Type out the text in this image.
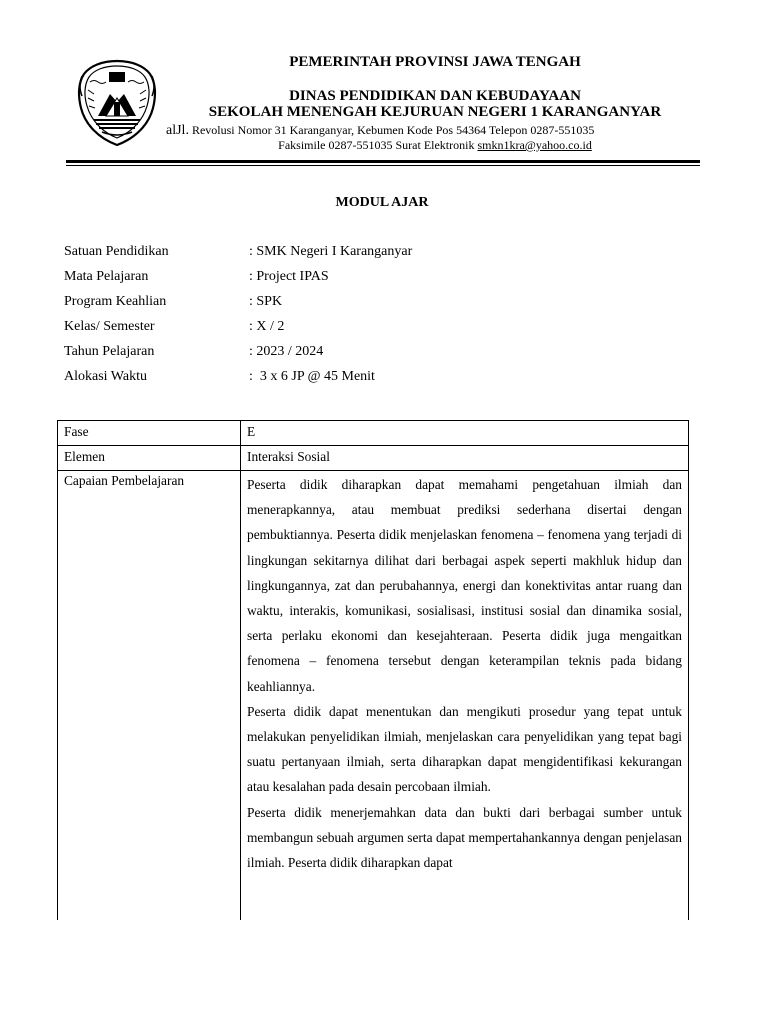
PEMERINTAH PROVINSI JAWA TENGAH
DINAS PENDIDIKAN DAN KEBUDAYAAN
SEKOLAH MENENGAH KEJURUAN NEGERI 1 KARANGANYAR
alJl. Revolusi Nomor 31 Karanganyar, Kebumen Kode Pos 54364 Telepon 0287-551035
Faksimile 0287-551035 Surat Elektronik smkn1kra@yahoo.co.id
MODUL AJAR
Satuan Pendidikan	: SMK Negeri I Karanganyar
Mata Pelajaran	: Project IPAS
Program Keahlian	: SPK
Kelas/ Semester	: X / 2
Tahun Pelajaran	: 2023 / 2024
Alokasi Waktu	:  3 x 6 JP @ 45 Menit
Fase	E
Elemen	Interaksi Sosial
Capaian Pembelajaran	Peserta didik diharapkan dapat memahami pengetahuan ilmiah dan menerapkannya, atau membuat prediksi sederhana disertai dengan pembuktiannya. Peserta didik menjelaskan fenomena – fenomena yang terjadi di lingkungan sekitarnya dilihat dari berbagai aspek seperti makhluk hidup dan lingkungannya, zat dan perubahannya, energi dan konektivitas antar ruang dan waktu, interakis, komunikasi, sosialisasi, institusi sosial dan dinamika sosial, serta perlaku ekonomi dan kesejahteraan. Peserta didik juga mengaitkan fenomena – fenomena tersebut dengan keterampilan teknis pada bidang keahliannya.
Peserta didik dapat menentukan dan mengikuti prosedur yang tepat untuk melakukan penyelidikan ilmiah, menjelaskan cara penyelidikan yang tepat bagi suatu pertanyaan ilmiah, serta diharapkan dapat mengidentifikasi kekurangan atau kesalahan pada desain percobaan ilmiah.
Peserta didik menerjemahkan data dan bukti dari berbagai sumber untuk membangun sebuah argumen serta dapat mempertahankannya dengan penjelasan ilmiah. Peserta didik diharapkan dapat
